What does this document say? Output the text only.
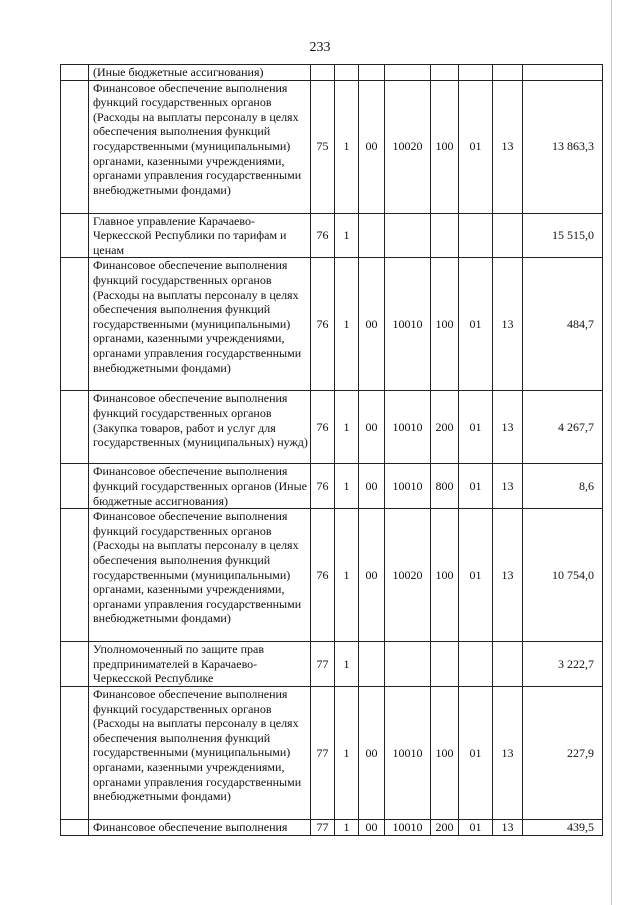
233
	(Иные бюджетные ассигнования)								
	Финансовое обеспечение выполнения функций государственных органов (Расходы на выплаты персоналу в целях обеспечения выполнения функций государственными (муниципальными) органами, казенными учреждениями, органами управления государственными внебюджетными фондами)	75	1	00	10020	100	01	13	13 863,3
	Главное управление Карачаево-Черкесской Республики по тарифам и ценам	76	1						15 515,0
	Финансовое обеспечение выполнения функций государственных органов (Расходы на выплаты персоналу в целях обеспечения выполнения функций государственными (муниципальными) органами, казенными учреждениями, органами управления государственными внебюджетными фондами)	76	1	00	10010	100	01	13	484,7
	Финансовое обеспечение выполнения функций государственных органов (Закупка товаров, работ и услуг для государственных (муниципальных) нужд)	76	1	00	10010	200	01	13	4 267,7
	Финансовое обеспечение выполнения функций государственных органов (Иные бюджетные ассигнования)	76	1	00	10010	800	01	13	8,6
	Финансовое обеспечение выполнения функций государственных органов (Расходы на выплаты персоналу в целях обеспечения выполнения функций государственными (муниципальными) органами, казенными учреждениями, органами управления государственными внебюджетными фондами)	76	1	00	10020	100	01	13	10 754,0
	Уполномоченный по защите прав предпринимателей в Карачаево-Черкесской Республике	77	1						3 222,7
	Финансовое обеспечение выполнения функций государственных органов (Расходы на выплаты персоналу в целях обеспечения выполнения функций государственными (муниципальными) органами, казенными учреждениями, органами управления государственными внебюджетными фондами)	77	1	00	10010	100	01	13	227,9
	Финансовое обеспечение выполнения	77	1	00	10010	200	01	13	439,5
